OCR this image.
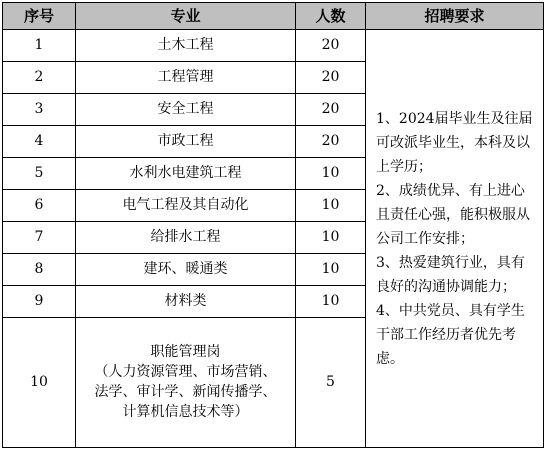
序号	专业	人数	招聘要求
1	土木工程	20	1、2024届毕业生及往届可改派毕业生，本科及以上学历；
2、成绩优异、有上进心且责任心强，能积极服从公司工作安排；
3、热爱建筑行业，具有良好的沟通协调能力；
4、中共党员、具有学生干部工作经历者优先考虑。

2	工程管理	20	
3	安全工程	20	
4	市政工程	20	
5	水利水电建筑工程	10	
6	电气工程及其自动化	10	
7	给排水工程	10	
8	建环、暖通类	10	
9	材料类	10	
10	职能管理岗
（人力资源管理、市场营销、
法学、审计学、新闻传播学、
计算机信息技术等）	5	
